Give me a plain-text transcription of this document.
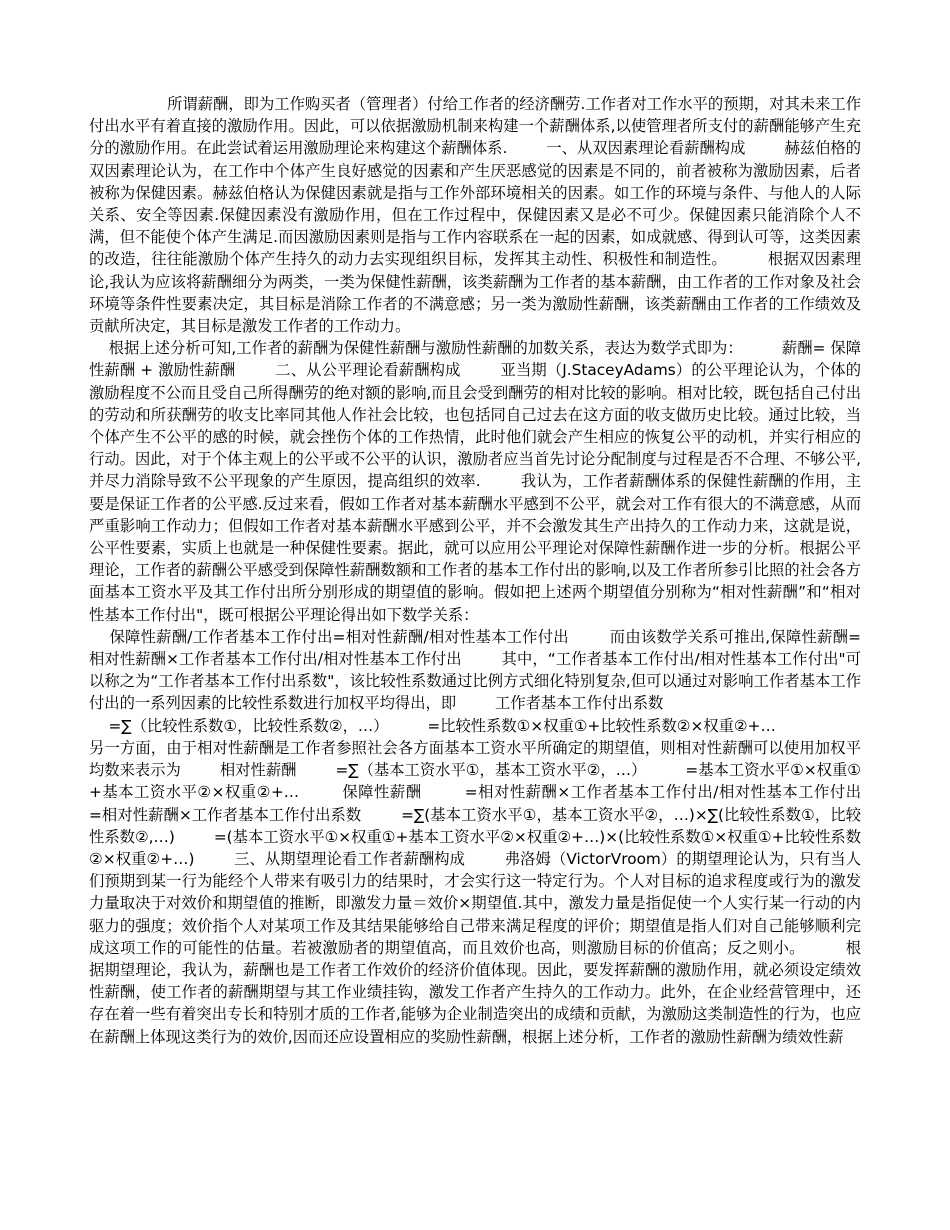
所谓薪酬，即为工作购买者（管理者）付给工作者的经济酬劳.工作者对工作水平的预期，对其未来工作付出水平有着直接的激励作用。因此，可以依据激励机制来构建一个薪酬体系,以使管理者所支付的薪酬能够产生充分的激励作用。在此尝试着运用激励理论来构建这个薪酬体系.        一、从双因素理论看薪酬构成        赫兹伯格的双因素理论认为，在工作中个体产生良好感觉的因素和产生厌恶感觉的因素是不同的，前者被称为激励因素，后者被称为保健因素。赫兹伯格认为保健因素就是指与工作外部环境相关的因素。如工作的环境与条件、与他人的人际关系、安全等因素.保健因素没有激励作用，但在工作过程中，保健因素又是必不可少。保健因素只能消除个人不满，但不能使个体产生满足.而因激励因素则是指与工作内容联系在一起的因素，如成就感、得到认可等，这类因素的改造，往往能激励个体产生持久的动力去实现组织目标，发挥其主动性、积极性和制造性。        根据双因素理论,我认为应该将薪酬细分为两类，一类为保健性薪酬，该类薪酬为工作者的基本薪酬，由工作者的工作对象及社会环境等条件性要素决定，其目标是消除工作者的不满意感；另一类为激励性薪酬，该类薪酬由工作者的工作绩效及贡献所决定，其目标是激发工作者的工作动力。
根据上述分析可知,工作者的薪酬为保健性薪酬与激励性薪酬的加数关系，表达为数学式即为：        薪酬= 保障性薪酬 + 激励性薪酬        二、从公平理论看薪酬构成        亚当期（J.StaceyAdams）的公平理论认为，个体的激励程度不公而且受自己所得酬劳的绝对额的影响,而且会受到酬劳的相对比较的影响。相对比较，既包括自己付出的劳动和所获酬劳的收支比率同其他人作社会比较，也包括同自己过去在这方面的收支做历史比较。通过比较，当个体产生不公平的感的时候，就会挫伤个体的工作热情，此时他们就会产生相应的恢复公平的动机，并实行相应的行动。因此，对于个体主观上的公平或不公平的认识，激励者应当首先讨论分配制度与过程是否不合理、不够公平,并尽力消除导致不公平现象的产生原因，提高组织的效率.        我认为，工作者薪酬体系的保健性薪酬的作用，主要是保证工作者的公平感.反过来看，假如工作者对基本薪酬水平感到不公平，就会对工作有很大的不满意感，从而严重影响工作动力；但假如工作者对基本薪酬水平感到公平，并不会激发其生产出持久的工作动力来，这就是说，公平性要素，实质上也就是一种保健性要素。据此，就可以应用公平理论对保障性薪酬作进一步的分析。根据公平理论，工作者的薪酬公平感受到保障性薪酬数额和工作者的基本工作付出的影响,以及工作者所参引比照的社会各方面基本工资水平及其工作付出所分别形成的期望值的影响。假如把上述两个期望值分别称为“相对性薪酬”和“相对性基本工作付出"，既可根据公平理论得出如下数学关系：
保障性薪酬/工作者基本工作付出=相对性薪酬/相对性基本工作付出        而由该数学关系可推出,保障性薪酬=相对性薪酬×工作者基本工作付出/相对性基本工作付出        其中，“工作者基本工作付出/相对性基本工作付出"可以称之为“工作者基本工作付出系数"，该比较性系数通过比例方式细化特别复杂,但可以通过对影响工作者基本工作付出的一系列因素的比较性系数进行加权平均得出，即        工作者基本工作付出系数
=∑（比较性系数①，比较性系数②，…）        =比较性系数①×权重①+比较性系数②×权重②+…
另一方面，由于相对性薪酬是工作者参照社会各方面基本工资水平所确定的期望值，则相对性薪酬可以使用加权平均数来表示为        相对性薪酬        =∑（基本工资水平①，基本工资水平②，…）        =基本工资水平①×权重①+基本工资水平②×权重②+…        保障性薪酬        =相对性薪酬×工作者基本工作付出/相对性基本工作付出        =相对性薪酬×工作者基本工作付出系数        =∑(基本工资水平①，基本工资水平②，…)×∑(比较性系数①，比较性系数②,…)        =(基本工资水平①×权重①+基本工资水平②×权重②+…)×(比较性系数①×权重①+比较性系数②×权重②+…)        三、从期望理论看工作者薪酬构成        弗洛姆（VictorVroom）的期望理论认为，只有当人们预期到某一行为能经个人带来有吸引力的结果时，才会实行这一特定行为。个人对目标的追求程度或行为的激发力量取决于对效价和期望值的推断，即激发力量＝效价×期望值.其中，激发力量是指促使一个人实行某一行动的内驱力的强度；效价指个人对某项工作及其结果能够给自己带来满足程度的评价；期望值是指人们对自己能够顺利完成这项工作的可能性的估量。若被激励者的期望值高，而且效价也高，则激励目标的价值高；反之则小。        根据期望理论，我认为，薪酬也是工作者工作效价的经济价值体现。因此，要发挥薪酬的激励作用，就必须设定绩效性薪酬，使工作者的薪酬期望与其工作业绩挂钩，激发工作者产生持久的工作动力。此外，在企业经营管理中，还存在着一些有着突出专长和特别才质的工作者,能够为企业制造突出的成绩和贡献，为激励这类制造性的行为，也应在薪酬上体现这类行为的效价,因而还应设置相应的奖励性薪酬，根据上述分析，工作者的激励性薪酬为绩效性薪
